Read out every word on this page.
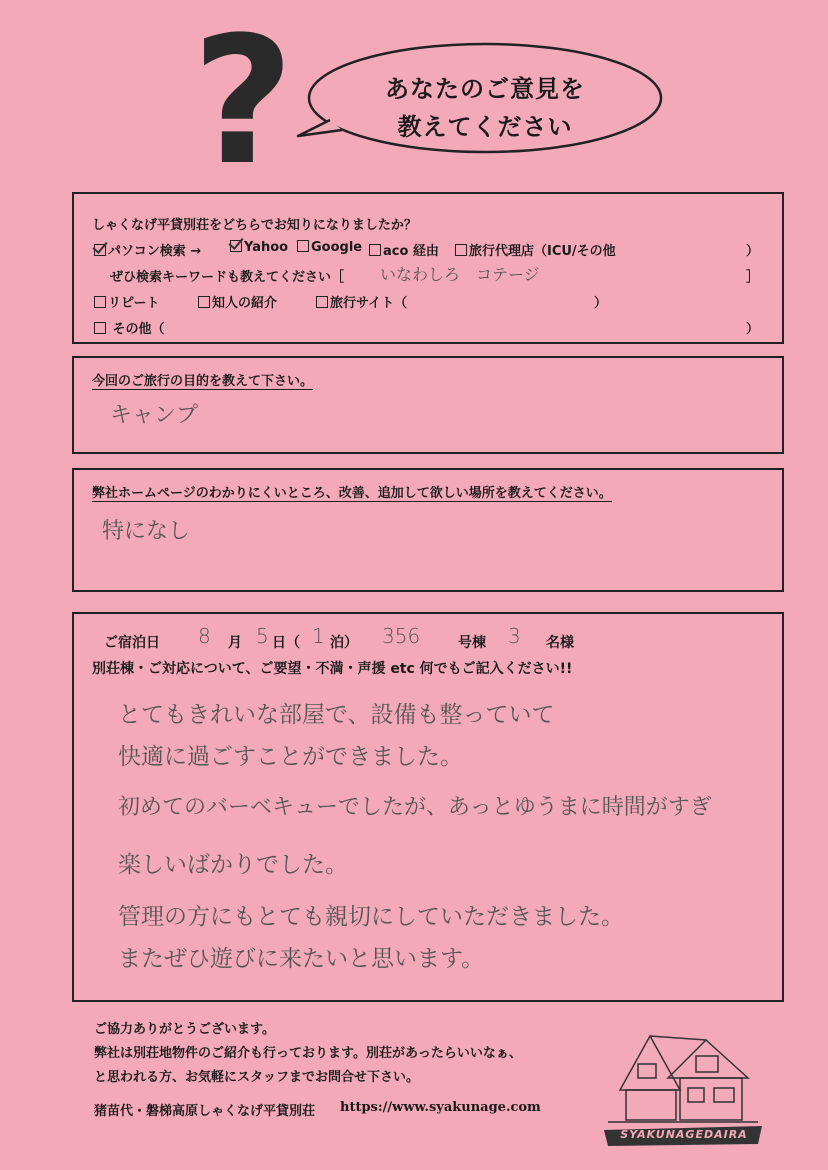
?	あなたのご意見を
教えてください
しゃくなげ平貸別荘をどちらでお知りになりましたか？
パソコン検索 →	Yahoo	Google	aco 経由	旅行代理店（ICU/その他	）
ぜひ検索キーワードも教えてください［ いなわしろ　コテージ	］
リピート	知人の紹介	旅行サイト（	）
その他（	）
今回のご旅行の目的を教えて下さい。
キャンプ
弊社ホームページのわかりにくいところ、改善、追加して欲しい場所を教えてください。
特になし
ご宿泊日 8 月 5 日（ 1 泊） 356	号棟 3 名様
別荘棟・ご対応について、ご要望・不満・声援 etc 何でもご記入ください!!
とてもきれいな部屋で、設備も整っていて
快適に過ごすことができました。
初めてのバーベキューでしたが、あっとゆうまに時間がすぎ
楽しいばかりでした。
管理の方にもとても親切にしていただきました。
またぜひ遊びに来たいと思います。
ご協力ありがとうございます。
弊社は別荘地物件のご紹介も行っております。別荘があったらいいなぁ、
と思われる方、お気軽にスタッフまでお問合せ下さい。
猪苗代・磐梯高原しゃくなげ平貸別荘 https://www.syakunage.com
SYAKUNAGEDAIRA
